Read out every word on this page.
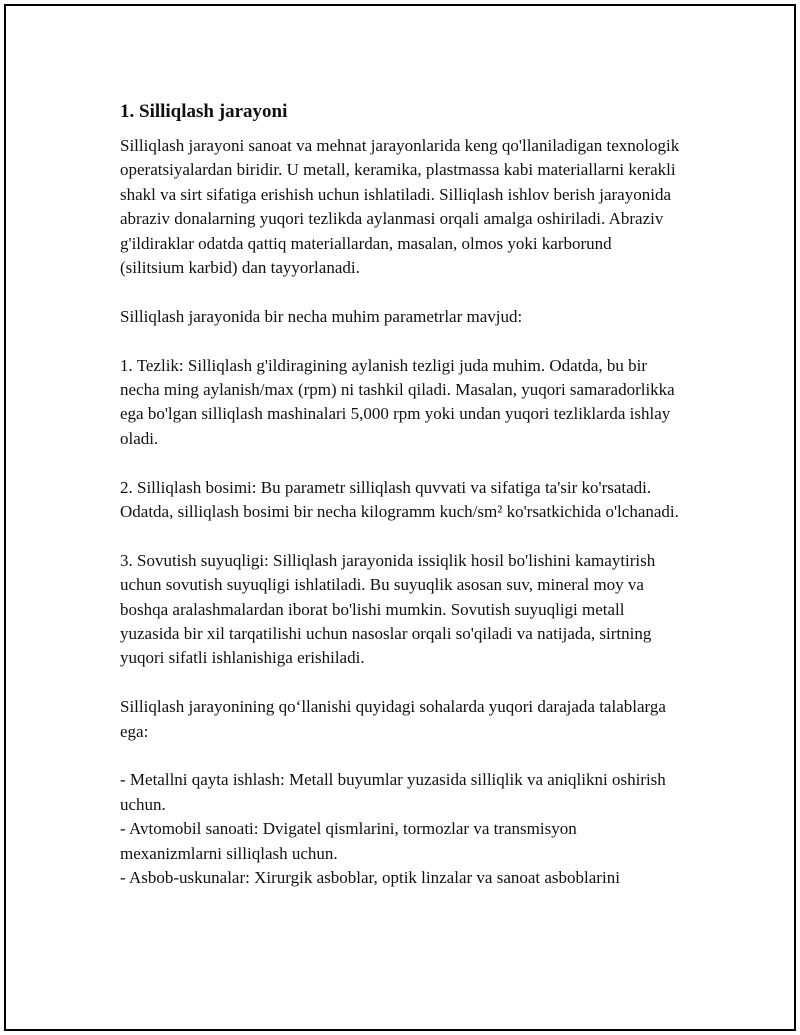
1. Silliqlash jarayoni

Silliqlash jarayoni sanoat va mehnat jarayonlarida keng qo'llaniladigan texnologik operatsiyalardan biridir. U metall, keramika, plastmassa kabi materiallarni kerakli shakl va sirt sifatiga erishish uchun ishlatiladi. Silliqlash ishlov berish jarayonida abraziv donalarning yuqori tezlikda aylanmasi orqali amalga oshiriladi. Abraziv g'ildiraklar odatda qattiq materiallardan, masalan, olmos yoki karborund (silitsium karbid) dan tayyorlanadi.

Silliqlash jarayonida bir necha muhim parametrlar mavjud:

1. Tezlik: Silliqlash g'ildiragining aylanish tezligi juda muhim. Odatda, bu bir necha ming aylanish/max (rpm) ni tashkil qiladi. Masalan, yuqori samaradorlikka ega bo'lgan silliqlash mashinalari 5,000 rpm yoki undan yuqori tezliklarda ishlay oladi.

2. Silliqlash bosimi: Bu parametr silliqlash quvvati va sifatiga ta'sir ko'rsatadi. Odatda, silliqlash bosimi bir necha kilogramm kuch/sm² ko'rsatkichida o'lchanadi.

3. Sovutish suyuqligi: Silliqlash jarayonida issiqlik hosil bo'lishini kamaytirish uchun sovutish suyuqligi ishlatiladi. Bu suyuqlik asosan suv, mineral moy va boshqa aralashmalardan iborat bo'lishi mumkin. Sovutish suyuqligi metall yuzasida bir xil tarqatilishi uchun nasoslar orqali so'qiladi va natijada, sirtning yuqori sifatli ishlanishiga erishiladi.

Silliqlash jarayonining qo‘llanishi quyidagi sohalarda yuqori darajada talablarga ega:

- Metallni qayta ishlash: Metall buyumlar yuzasida silliqlik va aniqlikni oshirish uchun.
- Avtomobil sanoati: Dvigatel qismlarini, tormozlar va transmisyon mexanizmlarni silliqlash uchun.
- Asbob-uskunalar: Xirurgik asboblar, optik linzalar va sanoat asboblarini
